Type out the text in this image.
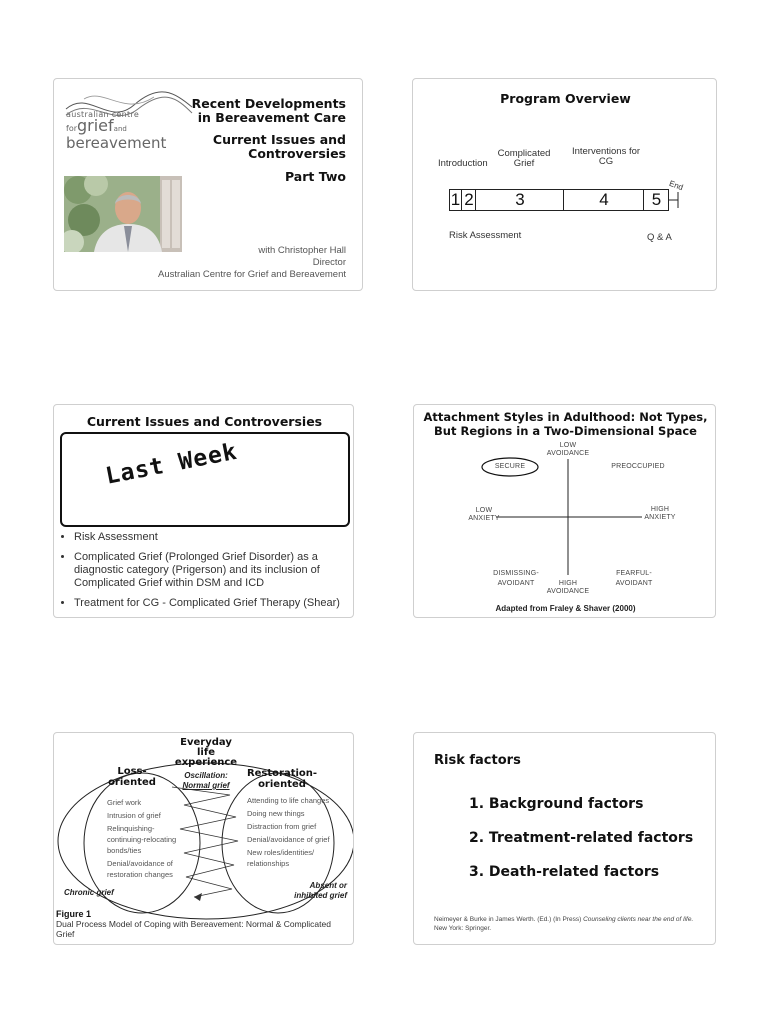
australian centre
forgriefand
bereavement
Recent Developments
in Bereavement Care
Current Issues and
Controversies
Part Two
with Christopher Hall
Director
Australian Centre for Grief and Bereavement
Program Overview
Introduction
Complicated
Grief
Interventions for
CG
End
1 2	3	4	5
Risk Assessment	Q & A
Current Issues and Controversies
Last Week
• Risk Assessment
• Complicated Grief (Prolonged Grief Disorder) as a diagnostic category (Prigerson) and its inclusion of Complicated Grief within DSM and ICD
• Treatment for CG - Complicated Grief Therapy (Shear)
Attachment Styles in Adulthood: Not Types,
But Regions in a Two-Dimensional Space
LOW
AVOIDANCE
SECURE	PREOCCUPIED
LOW
ANXIETY
HIGH
ANXIETY
DISMISSING-
AVOIDANT
FEARFUL-
AVOIDANT
HIGH
AVOIDANCE
Adapted from Fraley & Shaver (2000)
Everyday
life
experience
Loss-
oriented
Restoration-
oriented
Oscillation:
Normal grief
Grief work
Intrusion of grief
Relinquishing-
continuing-relocating
bonds/ties
Denial/avoidance of
restoration changes
Attending to life changes
Doing new things
Distraction from grief
Denial/avoidance of grief
New roles/identities/
relationships
Chronic grief
Absent or
inhibited grief
Figure 1
Dual Process Model of Coping with Bereavement: Normal & Complicated
Grief
Risk factors
1. Background factors
2. Treatment-related factors
3. Death-related factors
Neimeyer & Burke in James Werth. (Ed.) (In Press) Counseling clients near the end of life.
New York: Springer.
